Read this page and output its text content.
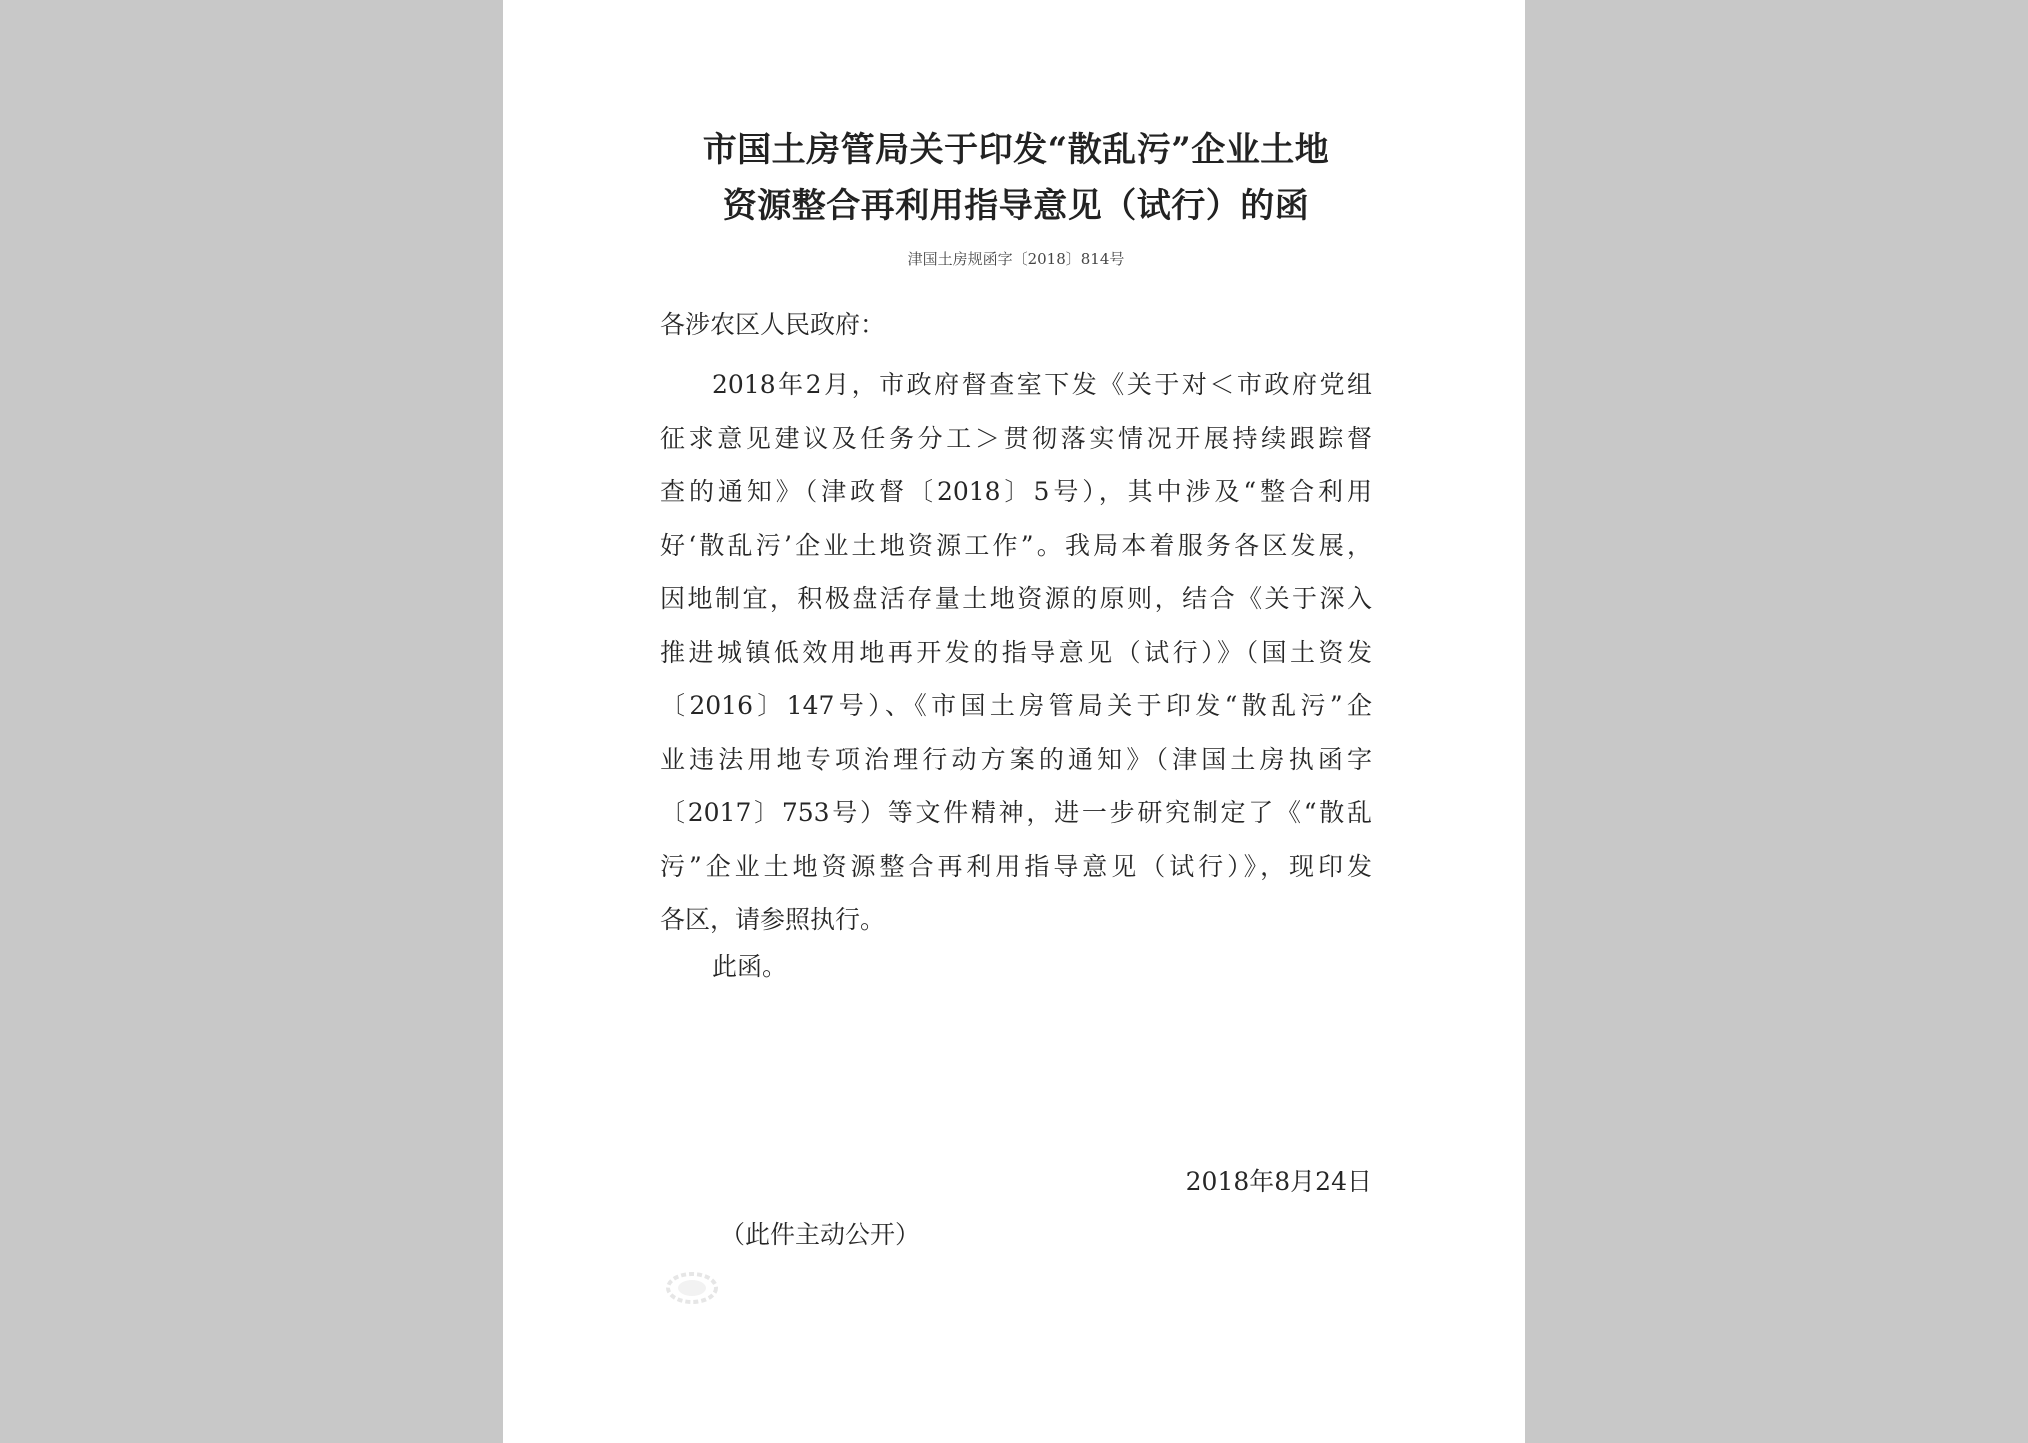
市国土房管局关于印发“散乱污”企业土地
资源整合再利用指导意见（试行）的函

津国土房规函字〔2018〕814号

各涉农区人民政府：

2018年2月，市政府督查室下发《关于对＜市政府党组
征求意见建议及任务分工＞贯彻落实情况开展持续跟踪督
查的通知》（津政督〔2018〕5号），其中涉及“整合利用
好‘散乱污’企业土地资源工作”。我局本着服务各区发展，
因地制宜，积极盘活存量土地资源的原则，结合《关于深入
推进城镇低效用地再开发的指导意见（试行）》（国土资发
〔2016〕147号）、《市国土房管局关于印发“散乱污”企
业违法用地专项治理行动方案的通知》（津国土房执函字
〔2017〕753号）等文件精神，进一步研究制定了《“散乱
污”企业土地资源整合再利用指导意见（试行）》，现印发
各区，请参照执行。

此函。

2018年8月24日

（此件主动公开）
